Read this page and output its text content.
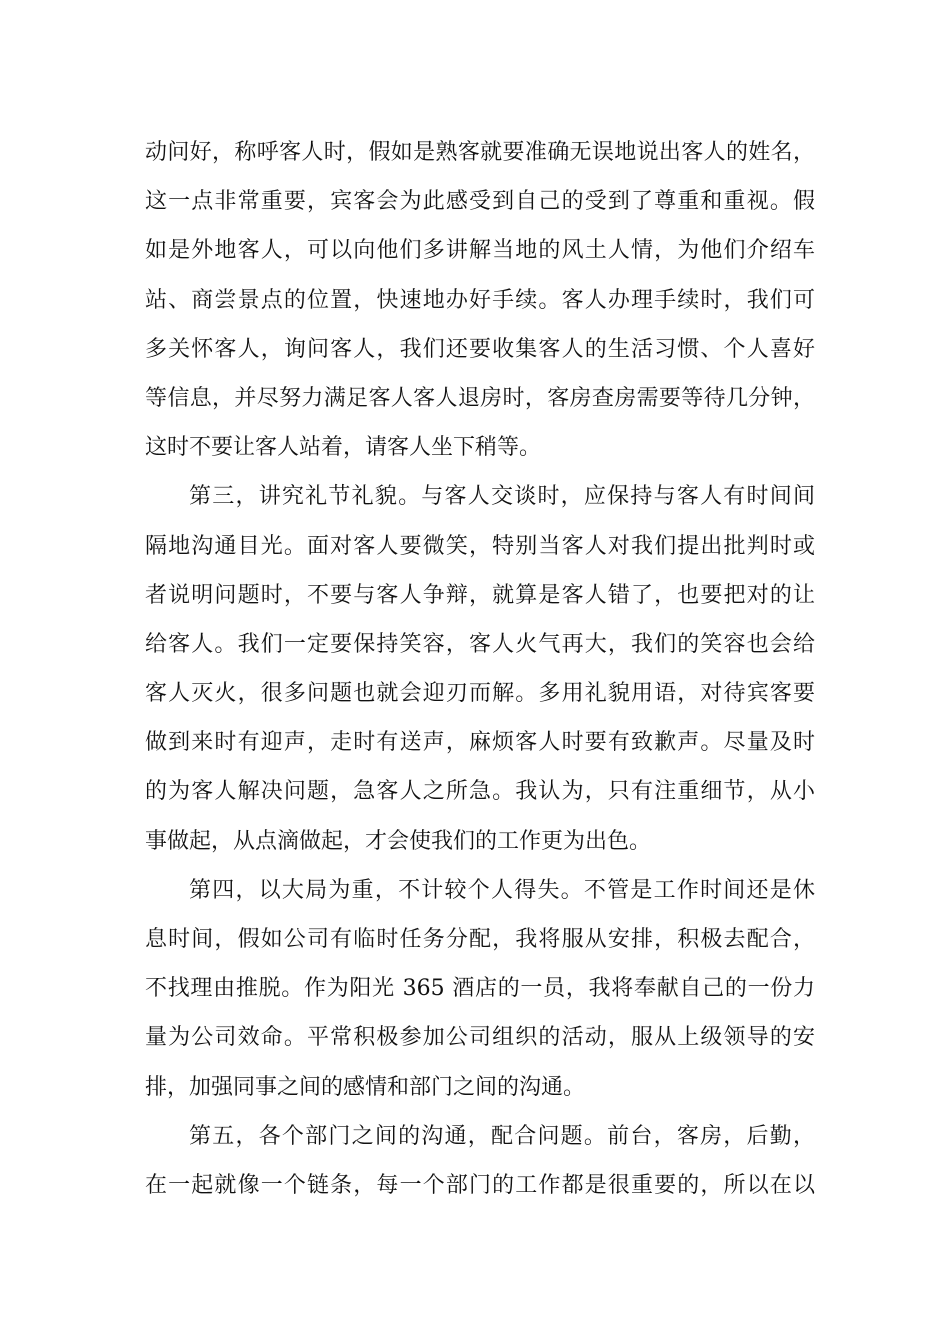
动问好，称呼客人时，假如是熟客就要准确无误地说出客人的姓名，
这一点非常重要，宾客会为此感受到自己的受到了尊重和重视。假
如是外地客人，可以向他们多讲解当地的风土人情，为他们介绍车
站、商尝景点的位置，快速地办好手续。客人办理手续时，我们可
多关怀客人，询问客人，我们还要收集客人的生活习惯、个人喜好
等信息，并尽努力满足客人客人退房时，客房查房需要等待几分钟，
这时不要让客人站着，请客人坐下稍等。
第三，讲究礼节礼貌。与客人交谈时，应保持与客人有时间间
隔地沟通目光。面对客人要微笑，特别当客人对我们提出批判时或
者说明问题时，不要与客人争辩，就算是客人错了，也要把对的让
给客人。我们一定要保持笑容，客人火气再大，我们的笑容也会给
客人灭火，很多问题也就会迎刃而解。多用礼貌用语，对待宾客要
做到来时有迎声，走时有送声，麻烦客人时要有致歉声。尽量及时
的为客人解决问题，急客人之所急。我认为，只有注重细节，从小
事做起，从点滴做起，才会使我们的工作更为出色。
第四，以大局为重，不计较个人得失。不管是工作时间还是休
息时间，假如公司有临时任务分配，我将服从安排，积极去配合，
不找理由推脱。作为阳光 365 酒店的一员，我将奉献自己的一份力
量为公司效命。平常积极参加公司组织的活动，服从上级领导的安
排，加强同事之间的感情和部门之间的沟通。
第五，各个部门之间的沟通，配合问题。前台，客房，后勤，
在一起就像一个链条，每一个部门的工作都是很重要的，所以在以
